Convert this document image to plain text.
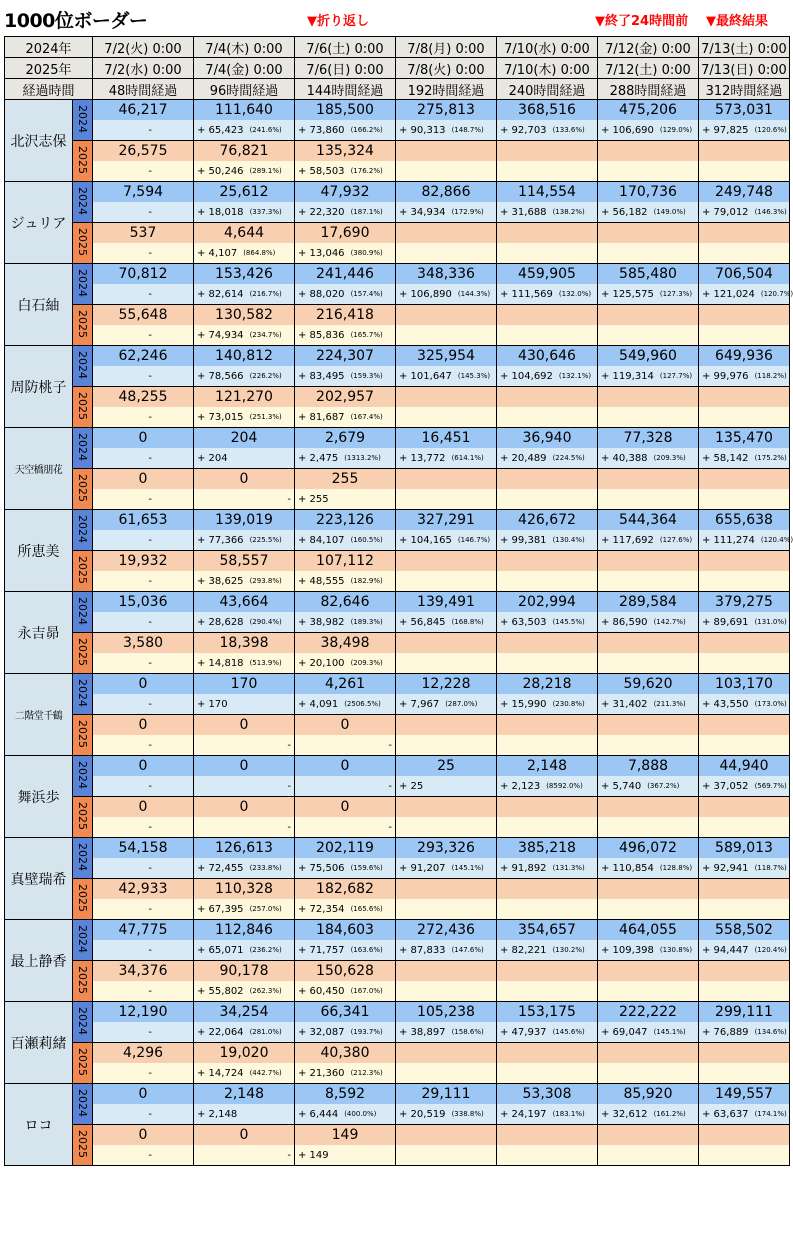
1000位ボーダー	▼折り返し	▼終了24時間前 ▼最終結果
2024年		7/2(火) 0:00	7/4(木) 0:00	7/6(土) 0:00	7/8(月) 0:00	7/10(水) 0:00	7/12(金) 0:00	7/13(土) 0:00
2025年		7/2(水) 0:00	7/4(金) 0:00	7/6(日) 0:00	7/8(火) 0:00	7/10(木) 0:00	7/12(土) 0:00	7/13(日) 0:00
経過時間		48時間経過	96時間経過	144時間経過	192時間経過	240時間経過	288時間経過	312時間経過
北沢志保	2024	46,217	111,640	185,500	275,813	368,516	475,206	573,031

		-	+ 65,423 (241.6%)	+ 73,860 (166.2%)	+ 90,313 (148.7%)	+ 92,703 (133.6%)	+ 106,690 (129.0%)	+ 97,825 (120.6%)

	2025	26,575	76,821	135,324				

		-	+ 50,246 (289.1%)	+ 58,503 (176.2%)				

ジュリア	2024	7,594	25,612	47,932	82,866	114,554	170,736	249,748

		-	+ 18,018 (337.3%)	+ 22,320 (187.1%)	+ 34,934 (172.9%)	+ 31,688 (138.2%)	+ 56,182 (149.0%)	+ 79,012 (146.3%)

	2025	537	4,644	17,690				

		-	+ 4,107 (864.8%)	+ 13,046 (380.9%)				

白石紬	2024	70,812	153,426	241,446	348,336	459,905	585,480	706,504

		-	+ 82,614 (216.7%)	+ 88,020 (157.4%)	+ 106,890 (144.3%)	+ 111,569 (132.0%)	+ 125,575 (127.3%)	+ 121,024 (120.7%)

	2025	55,648	130,582	216,418				

		-	+ 74,934 (234.7%)	+ 85,836 (165.7%)				

周防桃子	2024	62,246	140,812	224,307	325,954	430,646	549,960	649,936

		-	+ 78,566 (226.2%)	+ 83,495 (159.3%)	+ 101,647 (145.3%)	+ 104,692 (132.1%)	+ 119,314 (127.7%)	+ 99,976 (118.2%)

	2025	48,255	121,270	202,957				

		-	+ 73,015 (251.3%)	+ 81,687 (167.4%)				

天空橋朋花	2024	0	204	2,679	16,451	36,940	77,328	135,470

		-	+ 204	+ 2,475 (1313.2%)	+ 13,772 (614.1%)	+ 20,489 (224.5%)	+ 40,388 (209.3%)	+ 58,142 (175.2%)

	2025	0	0	255				

		-	-	+ 255				

所恵美	2024	61,653	139,019	223,126	327,291	426,672	544,364	655,638

		-	+ 77,366 (225.5%)	+ 84,107 (160.5%)	+ 104,165 (146.7%)	+ 99,381 (130.4%)	+ 117,692 (127.6%)	+ 111,274 (120.4%)

	2025	19,932	58,557	107,112				

		-	+ 38,625 (293.8%)	+ 48,555 (182.9%)				

永吉昴	2024	15,036	43,664	82,646	139,491	202,994	289,584	379,275

		-	+ 28,628 (290.4%)	+ 38,982 (189.3%)	+ 56,845 (168.8%)	+ 63,503 (145.5%)	+ 86,590 (142.7%)	+ 89,691 (131.0%)

	2025	3,580	18,398	38,498				

		-	+ 14,818 (513.9%)	+ 20,100 (209.3%)				

二階堂千鶴	2024	0	170	4,261	12,228	28,218	59,620	103,170

		-	+ 170	+ 4,091 (2506.5%)	+ 7,967 (287.0%)	+ 15,990 (230.8%)	+ 31,402 (211.3%)	+ 43,550 (173.0%)

	2025	0	0	0				

		-	-	-				

舞浜歩	2024	0	0	0	25	2,148	7,888	44,940

		-	-	-	+ 25	+ 2,123 (8592.0%)	+ 5,740 (367.2%)	+ 37,052 (569.7%)

	2025	0	0	0				

		-	-	-				

真壁瑞希	2024	54,158	126,613	202,119	293,326	385,218	496,072	589,013

		-	+ 72,455 (233.8%)	+ 75,506 (159.6%)	+ 91,207 (145.1%)	+ 91,892 (131.3%)	+ 110,854 (128.8%)	+ 92,941 (118.7%)

	2025	42,933	110,328	182,682				

		-	+ 67,395 (257.0%)	+ 72,354 (165.6%)				

最上静香	2024	47,775	112,846	184,603	272,436	354,657	464,055	558,502

		-	+ 65,071 (236.2%)	+ 71,757 (163.6%)	+ 87,833 (147.6%)	+ 82,221 (130.2%)	+ 109,398 (130.8%)	+ 94,447 (120.4%)

	2025	34,376	90,178	150,628				

		-	+ 55,802 (262.3%)	+ 60,450 (167.0%)				

百瀬莉緒	2024	12,190	34,254	66,341	105,238	153,175	222,222	299,111

		-	+ 22,064 (281.0%)	+ 32,087 (193.7%)	+ 38,897 (158.6%)	+ 47,937 (145.6%)	+ 69,047 (145.1%)	+ 76,889 (134.6%)

	2025	4,296	19,020	40,380				

		-	+ 14,724 (442.7%)	+ 21,360 (212.3%)				

ロコ	2024	0	2,148	8,592	29,111	53,308	85,920	149,557

		-	+ 2,148	+ 6,444 (400.0%)	+ 20,519 (338.8%)	+ 24,197 (183.1%)	+ 32,612 (161.2%)	+ 63,637 (174.1%)

	2025	0	0	149				

		-	-	+ 149				
